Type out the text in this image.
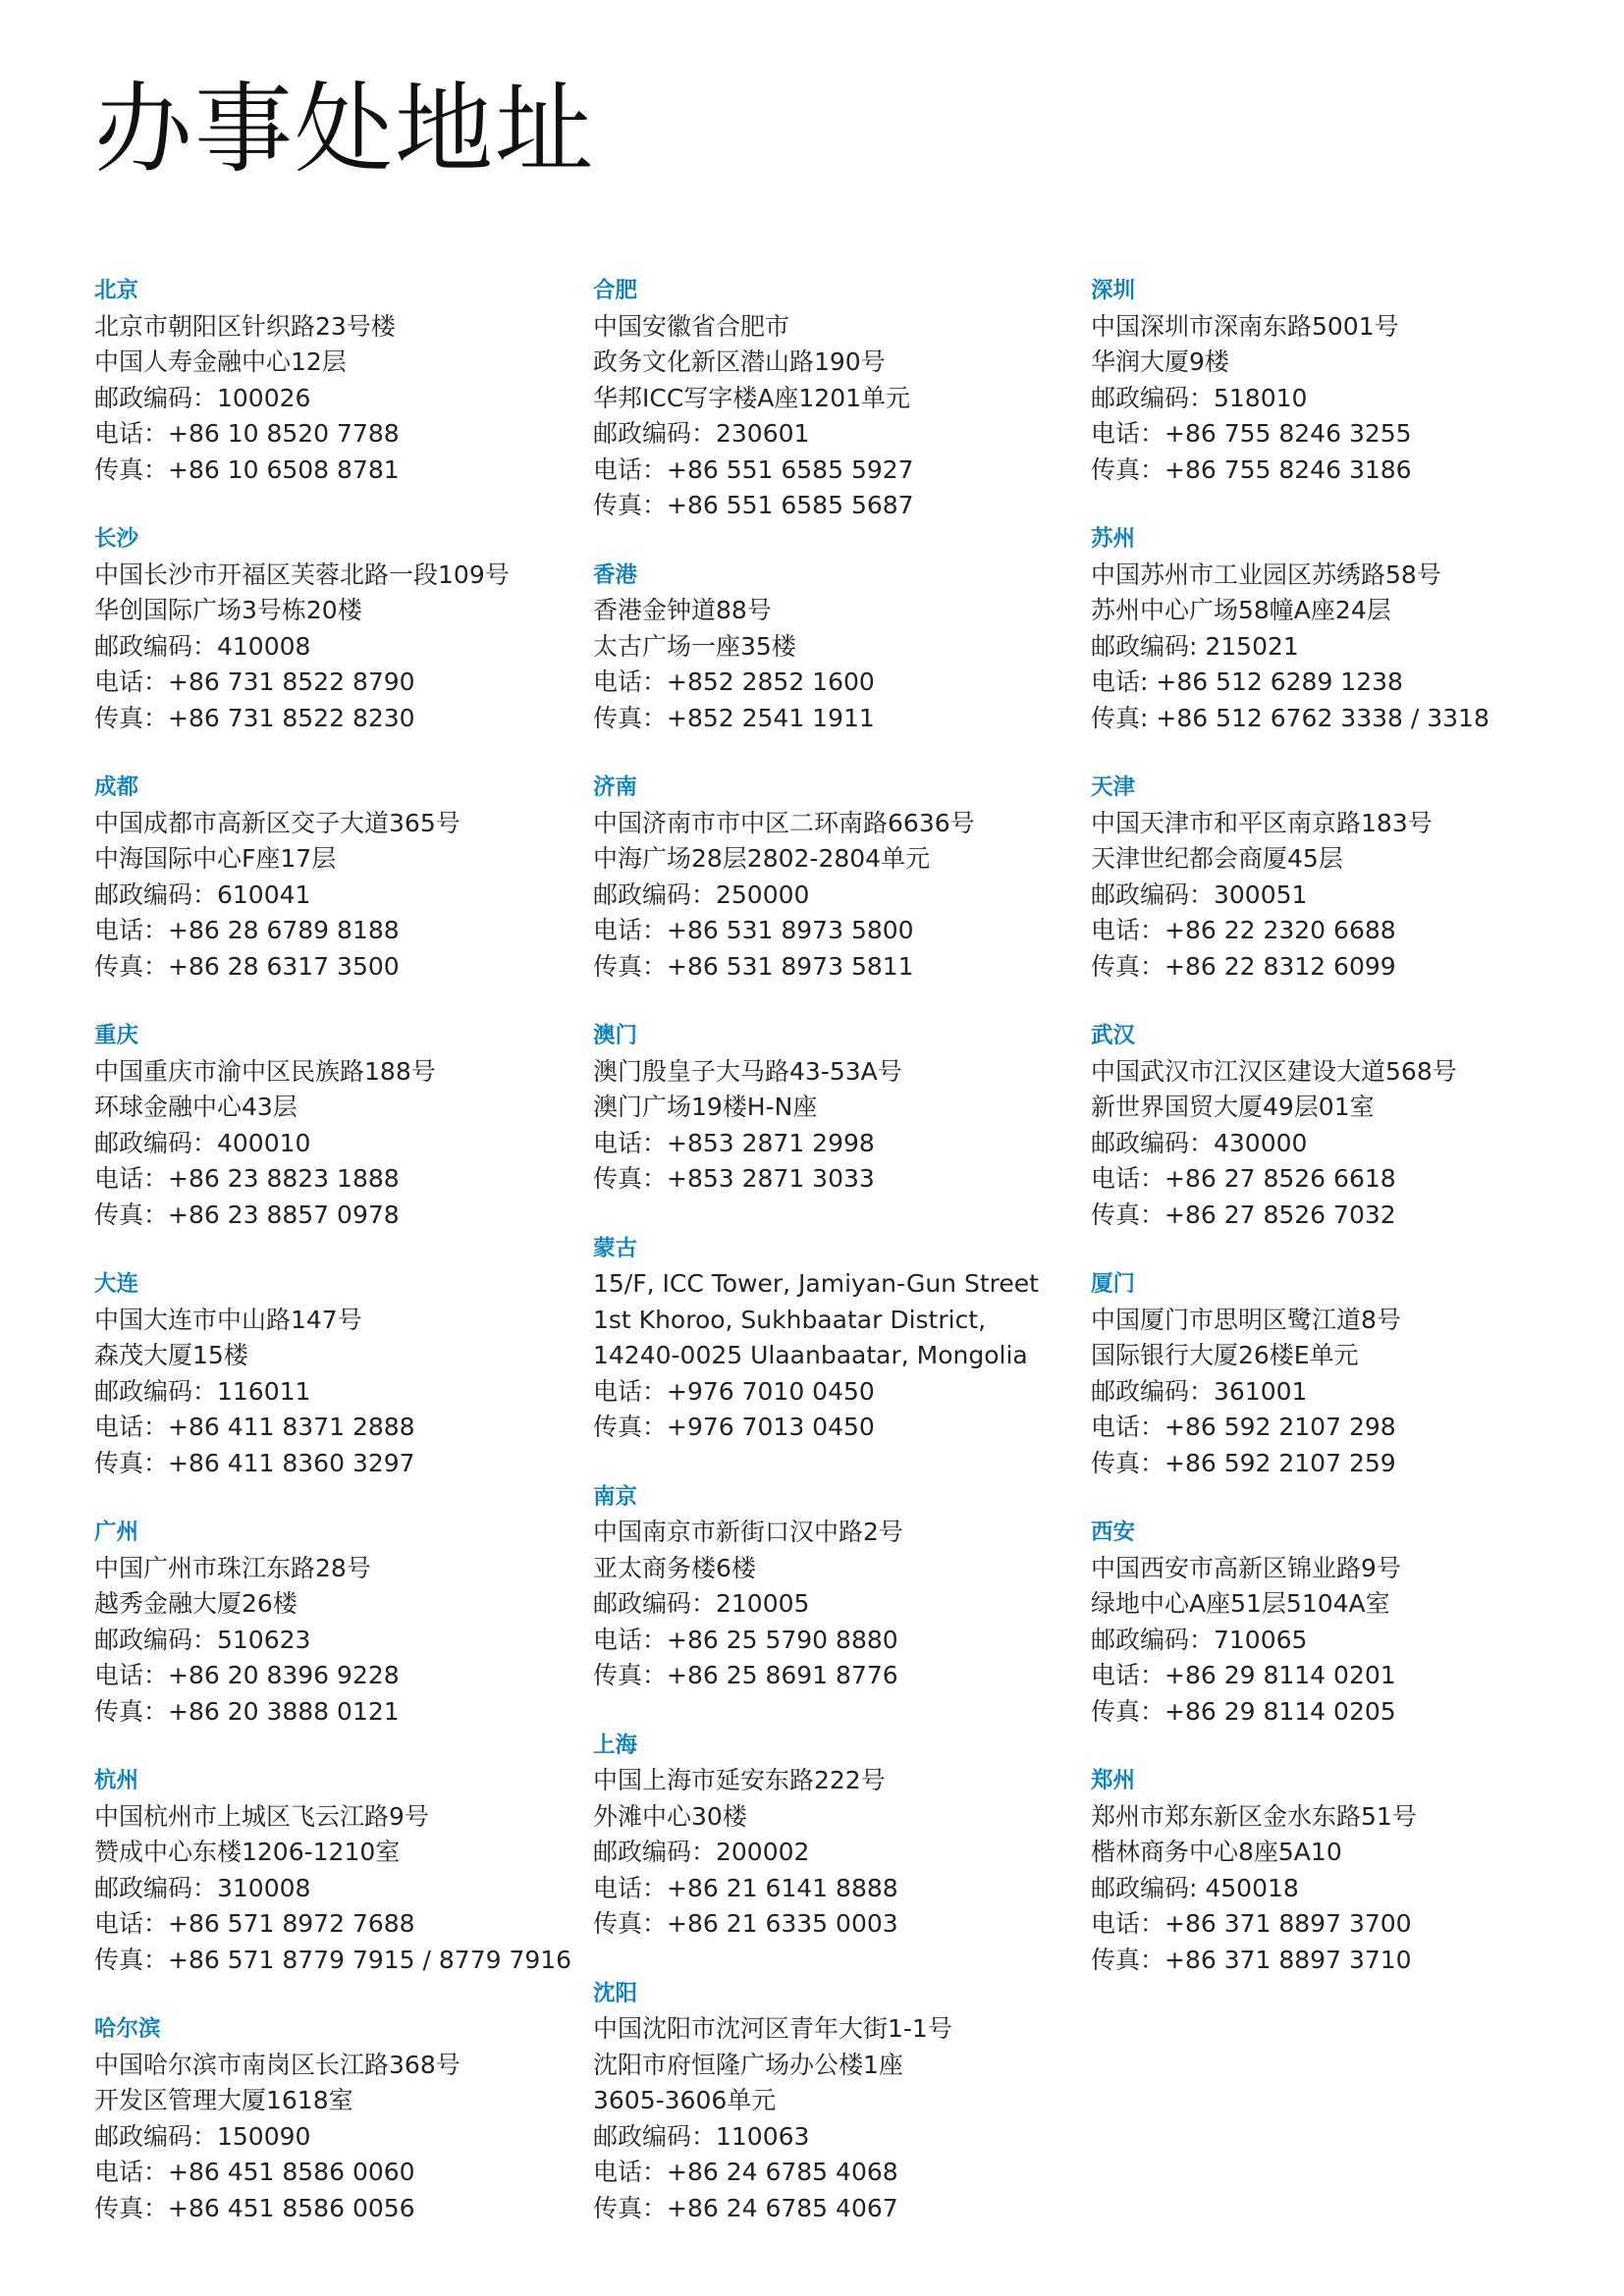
办事处地址
北京
北京市朝阳区针织路23号楼
中国人寿金融中心12层
邮政编码：100026
电话：+86 10 8520 7788
传真：+86 10 6508 8781
长沙
中国长沙市开福区芙蓉北路一段109号
华创国际广场3号栋20楼
邮政编码：410008
电话：+86 731 8522 8790
传真：+86 731 8522 8230
成都
中国成都市高新区交子大道365号
中海国际中心F座17层
邮政编码：610041
电话：+86 28 6789 8188
传真：+86 28 6317 3500
重庆
中国重庆市渝中区民族路188号
环球金融中心43层
邮政编码：400010
电话：+86 23 8823 1888
传真：+86 23 8857 0978
大连
中国大连市中山路147号
森茂大厦15楼
邮政编码：116011
电话：+86 411 8371 2888
传真：+86 411 8360 3297
广州
中国广州市珠江东路28号
越秀金融大厦26楼
邮政编码：510623
电话：+86 20 8396 9228
传真：+86 20 3888 0121
杭州
中国杭州市上城区飞云江路9号
赞成中心东楼1206-1210室
邮政编码：310008
电话：+86 571 8972 7688
传真：+86 571 8779 7915 / 8779 7916
哈尔滨
中国哈尔滨市南岗区长江路368号
开发区管理大厦1618室
邮政编码：150090
电话：+86 451 8586 0060
传真：+86 451 8586 0056
合肥
中国安徽省合肥市
政务文化新区潜山路190号
华邦ICC写字楼A座1201单元
邮政编码：230601
电话：+86 551 6585 5927
传真：+86 551 6585 5687
香港
香港金钟道88号
太古广场一座35楼
电话：+852 2852 1600
传真：+852 2541 1911
济南
中国济南市市中区二环南路6636号
中海广场28层2802-2804单元
邮政编码：250000
电话：+86 531 8973 5800
传真：+86 531 8973 5811
澳门
澳门殷皇子大马路43-53A号
澳门广场19楼H-N座
电话：+853 2871 2998
传真：+853 2871 3033
蒙古
15/F, ICC Tower, Jamiyan-Gun Street
1st Khoroo, Sukhbaatar District,
14240-0025 Ulaanbaatar, Mongolia
电话：+976 7010 0450
传真：+976 7013 0450
南京
中国南京市新街口汉中路2号
亚太商务楼6楼
邮政编码：210005
电话：+86 25 5790 8880
传真：+86 25 8691 8776
上海
中国上海市延安东路222号
外滩中心30楼
邮政编码：200002
电话：+86 21 6141 8888
传真：+86 21 6335 0003
沈阳
中国沈阳市沈河区青年大街1-1号
沈阳市府恒隆广场办公楼1座
3605-3606单元
邮政编码：110063
电话：+86 24 6785 4068
传真：+86 24 6785 4067
深圳
中国深圳市深南东路5001号
华润大厦9楼
邮政编码：518010
电话：+86 755 8246 3255
传真：+86 755 8246 3186
苏州
中国苏州市工业园区苏绣路58号
苏州中心广场58幢A座24层
邮政编码: 215021
电话: +86 512 6289 1238
传真: +86 512 6762 3338 / 3318
天津
中国天津市和平区南京路183号
天津世纪都会商厦45层
邮政编码：300051
电话：+86 22 2320 6688
传真：+86 22 8312 6099
武汉
中国武汉市江汉区建设大道568号
新世界国贸大厦49层01室
邮政编码：430000
电话：+86 27 8526 6618
传真：+86 27 8526 7032
厦门
中国厦门市思明区鹭江道8号
国际银行大厦26楼E单元
邮政编码：361001
电话：+86 592 2107 298
传真：+86 592 2107 259
西安
中国西安市高新区锦业路9号
绿地中心A座51层5104A室
邮政编码：710065
电话：+86 29 8114 0201
传真：+86 29 8114 0205
郑州
郑州市郑东新区金水东路51号
楷林商务中心8座5A10
邮政编码: 450018
电话：+86 371 8897 3700
传真：+86 371 8897 3710
